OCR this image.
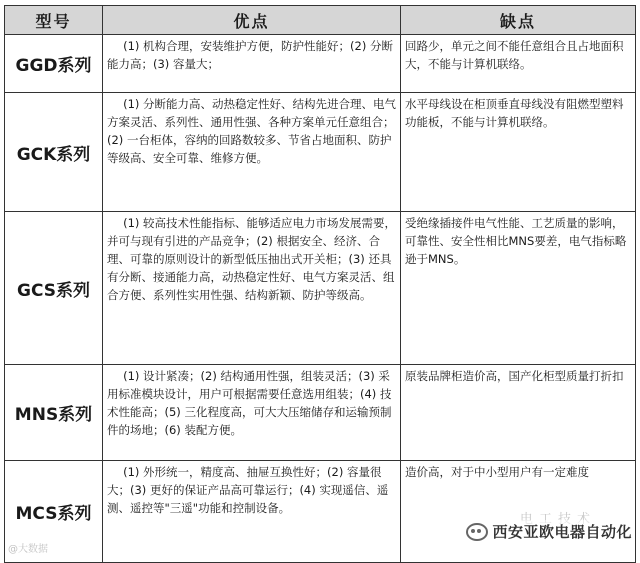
型号	优点	缺点
GGD系列	(1) 机构合理，安装维护方便，防护性能好；(2) 分断能力高；(3) 容量大；	回路少，单元之间不能任意组合且占地面积大，不能与计算机联络。
GCK系列	(1) 分断能力高、动热稳定性好、结构先进合理、电气方案灵活、系列性、通用性强、各种方案单元任意组合；(2) 一台柜体，容纳的回路数较多、节省占地面积、防护等级高、安全可靠、维修方便。	水平母线设在柜顶垂直母线没有阻燃型塑料功能板，不能与计算机联络。
GCS系列	(1) 较高技术性能指标、能够适应电力市场发展需要，并可与现有引进的产品竞争；(2) 根据安全、经济、合理、可靠的原则设计的新型低压抽出式开关柜；(3) 还具有分断、接通能力高，动热稳定性好、电气方案灵活、组合方便、系列性实用性强、结构新颖、防护等级高。	受绝缘插接件电气性能、工艺质量的影响，可靠性、安全性相比MNS要差，电气指标略逊于MNS。
MNS系列	(1) 设计紧凑；(2) 结构通用性强，组装灵活；(3) 采用标准模块设计，用户可根据需要任意选用组装；(4) 技术性能高；(5) 三化程度高，可大大压缩储存和运输预制件的场地；(6) 装配方便。	原装品牌柜造价高，国产化柜型质量打折扣
MCS系列	(1) 外形统一，精度高、抽屉互换性好；(2) 容量很大；(3) 更好的保证产品高可靠运行；(4) 实现遥信、遥测、遥控等"三遥"功能和控制设备。	造价高，对于中小型用户有一定难度
@大数据
西安亚欧电器自动化
